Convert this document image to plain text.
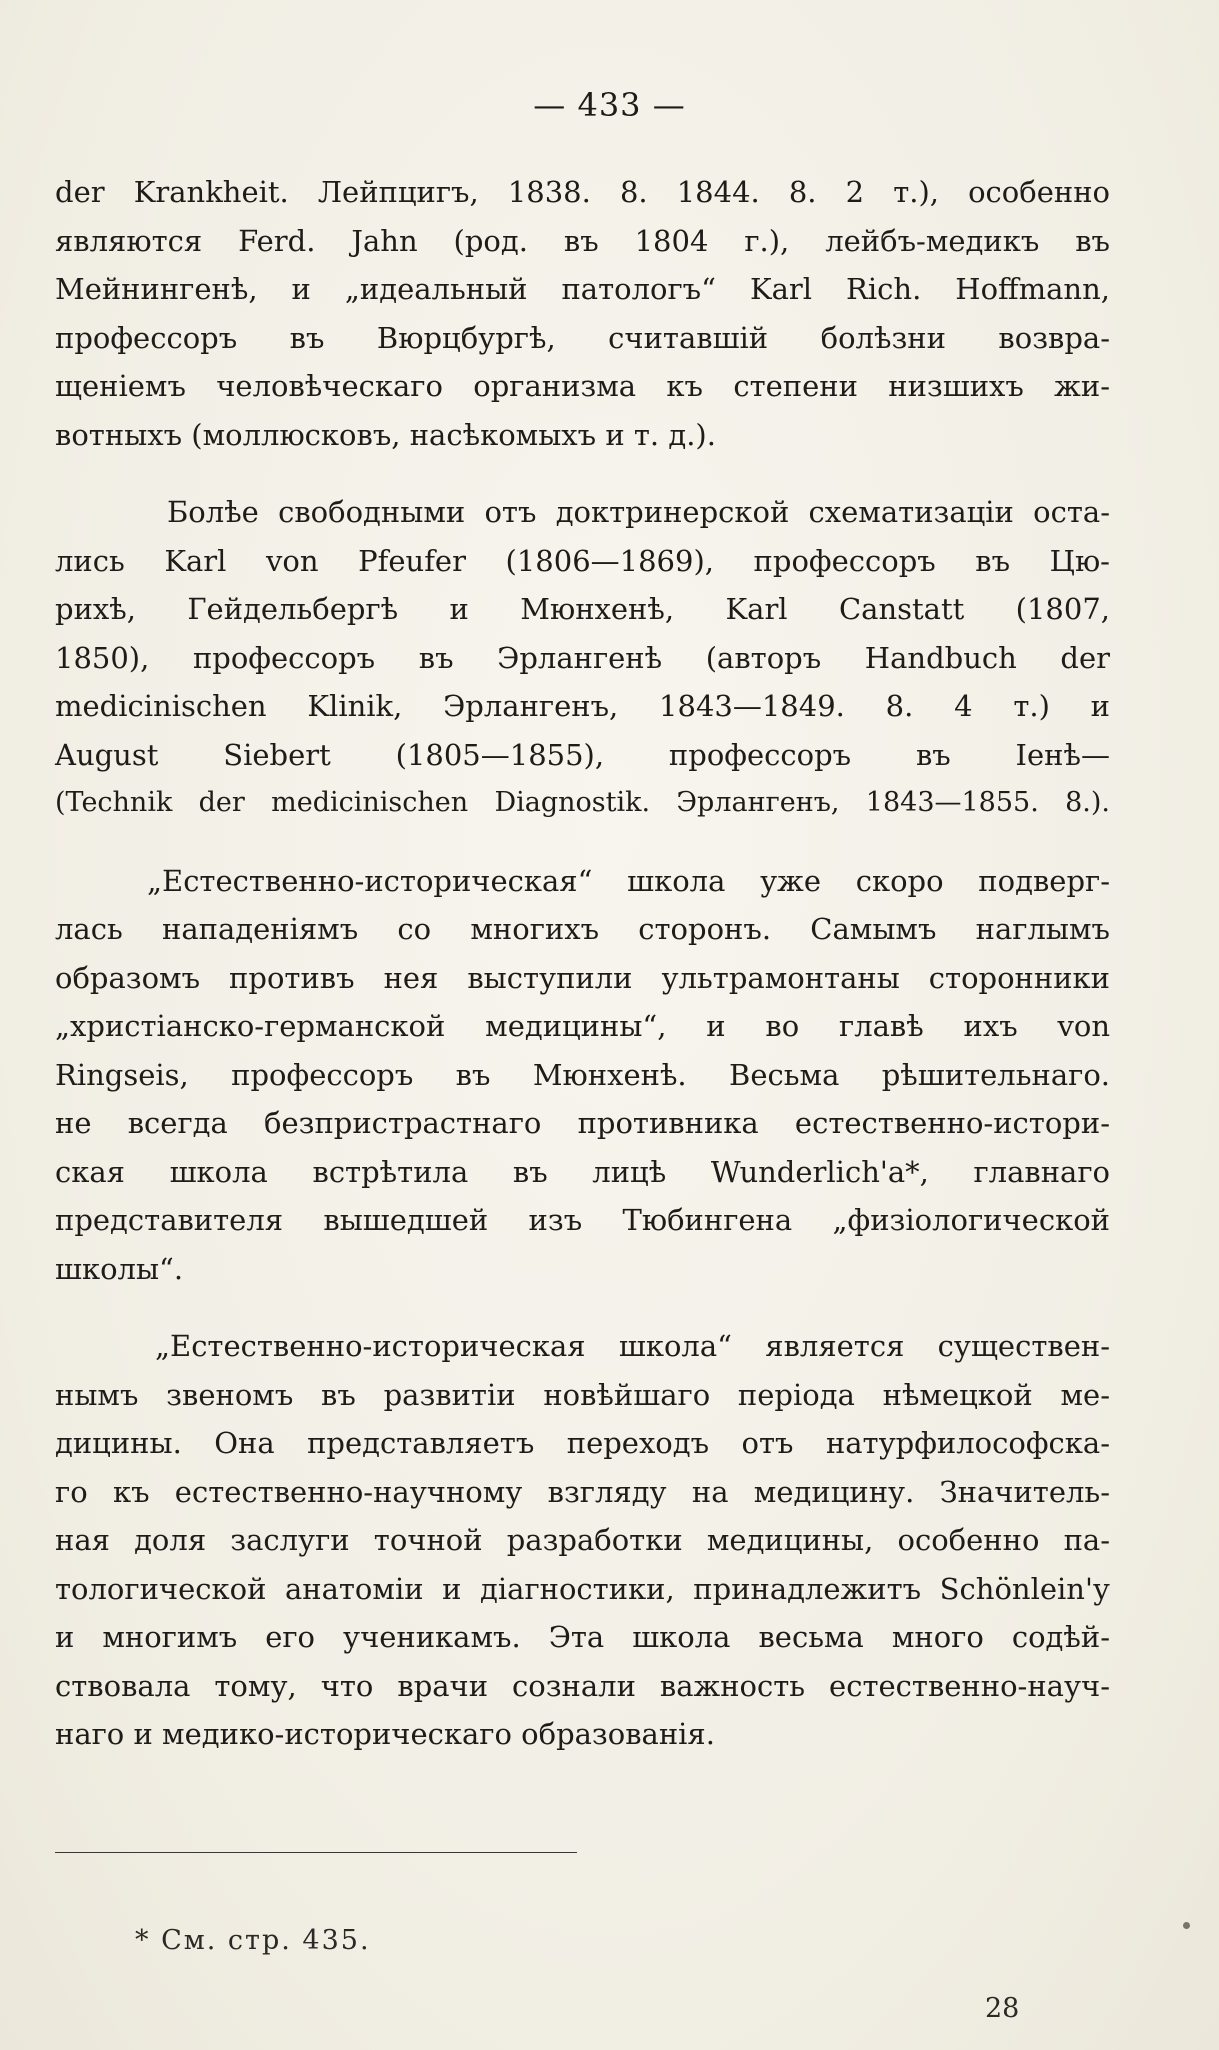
— 433 —

der Krankheit. Лейпцигъ, 1838. 8. 1844. 8. 2 т.), особенно
являются Ferd. Jahn (род. въ 1804 г.), лейбъ-медикъ въ
Мейнингенѣ, и „идеальный патологъ“ Karl Rich. Hoffmann,
профессоръ въ Вюрцбургѣ, считавшiй болѣзни возвра-
щенiемъ человѣческаго организма къ степени низшихъ жи-
вотныхъ (моллюсковъ, насѣкомыхъ и т. д.).

Болѣе свободными отъ доктринерской схематизацiи оста-
лись Karl von Pfeufer (1806—1869), профессоръ въ Цю-
рихѣ, Гейдельбергѣ и Мюнхенѣ, Karl Canstatt (1807,
1850), профессоръ въ Эрлангенѣ (авторъ Handbuch der
medicinischen Klinik, Эрлангенъ, 1843—1849. 8. 4 т.) и
August Siebert (1805—1855), профессоръ въ Iенѣ—
(Technik der medicinischen Diagnostik. Эрлангенъ, 1843—1855. 8.).

„Естественно-историческая“ школа уже скоро подверг-
лась нападенiямъ со многихъ сторонъ. Самымъ наглымъ
образомъ противъ нея выступили ультрамонтаны сторонники
„христiанско-германской медицины“, и во главѣ ихъ von
Ringseis, профессоръ въ Мюнхенѣ. Весьма рѣшительнаго.
не всегда безпристрастнаго противника естественно-истори-
ская школа встрѣтила въ лицѣ Wunderlich'a*, главнаго
представителя вышедшей изъ Тюбингена „физiологической
школы“.

„Естественно-историческая школа“ является существен-
нымъ звеномъ въ развитiи новѣйшаго перiода нѣмецкой ме-
дицины. Она представляетъ переходъ отъ натурфилософска-
го къ естественно-научному взгляду на медицину. Значитель-
ная доля заслуги точной разработки медицины, особенно па-
тологической анатомiи и дiагностики, принадлежитъ Schönlein'у
и многимъ его ученикамъ. Эта школа весьма много содѣй-
ствовала тому, что врачи сознали важность естественно-науч-
наго и медико-историческаго образованiя.

* См. стр. 435.
28
